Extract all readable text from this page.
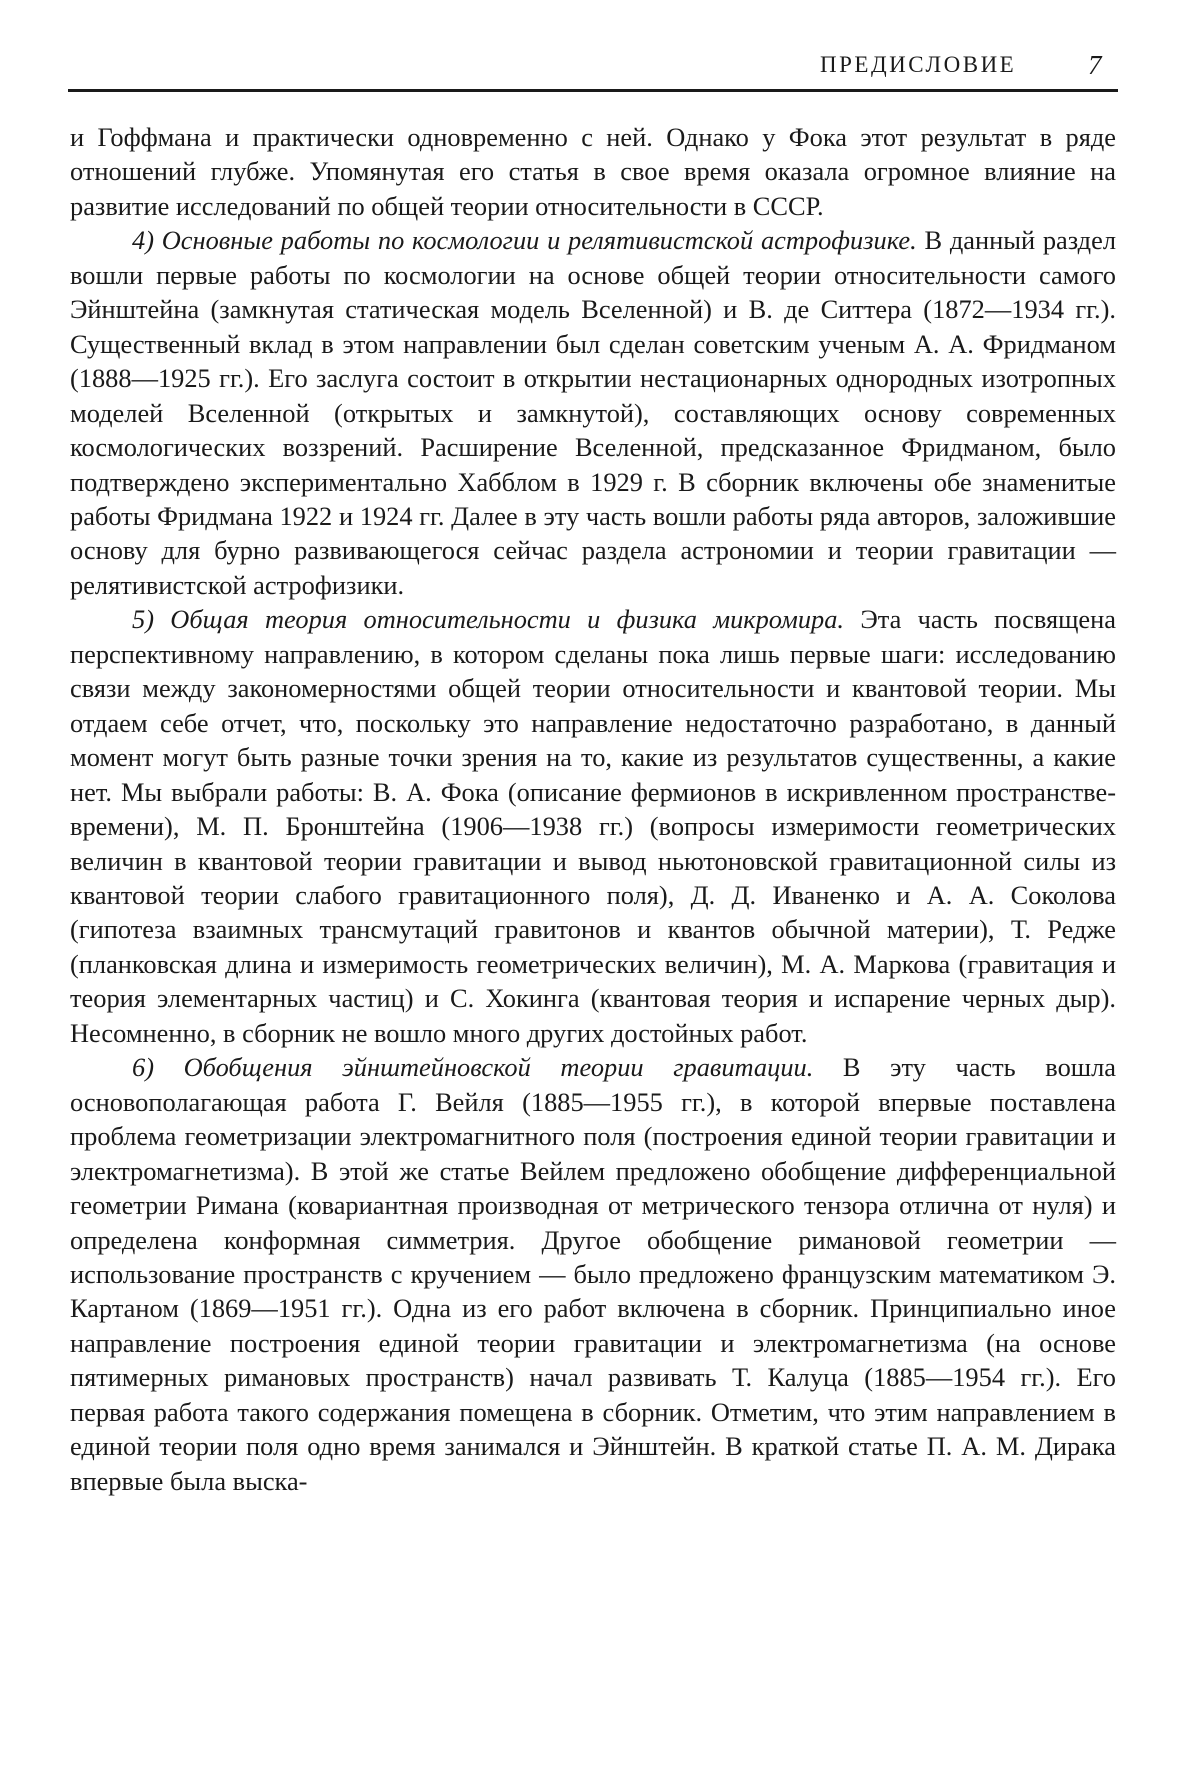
ПРЕДИСЛОВИЕ	7

и Гоффмана и практически одновременно с ней. Однако у Фока этот результат в ряде отношений глубже. Упомянутая его статья в свое время оказала огромное влияние на развитие исследований по общей теории относительности в СССР.

4) Основные работы по космологии и релятивистской астрофизике. В данный раздел вошли первые работы по космологии на основе общей теории относительности самого Эйнштейна (замкнутая статическая модель Вселенной) и В. де Ситтера (1872—1934 гг.). Существенный вклад в этом направлении был сделан советским ученым А. А. Фридманом (1888—1925 гг.). Его заслуга состоит в открытии нестационарных однородных изотропных моделей Вселенной (открытых и замкнутой), составляющих основу современных космологических воззрений. Расширение Вселенной, предсказанное Фридманом, было подтверждено экспериментально Хабблом в 1929 г. В сборник включены обе знаменитые работы Фридмана 1922 и 1924 гг. Далее в эту часть вошли работы ряда авторов, заложившие основу для бурно развивающегося сейчас раздела астрономии и теории гравитации — релятивистской астрофизики.

5) Общая теория относительности и физика микромира. Эта часть посвящена перспективному направлению, в котором сделаны пока лишь первые шаги: исследованию связи между закономерностями общей теории относительности и квантовой теории. Мы отдаем себе отчет, что, поскольку это направление недостаточно разработано, в данный момент могут быть разные точки зрения на то, какие из результатов существенны, а какие нет. Мы выбрали работы: В. А. Фока (описание фермионов в искривленном пространстве-времени), М. П. Бронштейна (1906—1938 гг.) (вопросы измеримости геометрических величин в квантовой теории гравитации и вывод ньютоновской гравитационной силы из квантовой теории слабого гравитационного поля), Д. Д. Иваненко и А. А. Соколова (гипотеза взаимных трансмутаций гравитонов и квантов обычной материи), Т. Редже (планковская длина и измеримость геометрических величин), М. А. Маркова (гравитация и теория элементарных частиц) и С. Хокинга (квантовая теория и испарение черных дыр). Несомненно, в сборник не вошло много других достойных работ.

6) Обобщения эйнштейновской теории гравитации. В эту часть вошла основополагающая работа Г. Вейля (1885—1955 гг.), в которой впервые поставлена проблема геометризации электромагнитного поля (построения единой теории гравитации и электромагнетизма). В этой же статье Вейлем предложено обобщение дифференциальной геометрии Римана (ковариантная производная от метрического тензора отлична от нуля) и определена конформная симметрия. Другое обобщение римановой геометрии — использование пространств с кручением — было предложено французским математиком Э. Картаном (1869—1951 гг.). Одна из его работ включена в сборник. Принципиально иное направление построения единой теории гравитации и электромагнетизма (на основе пятимерных римановых пространств) начал развивать Т. Калуца (1885—1954 гг.). Его первая работа такого содержания помещена в сборник. Отметим, что этим направлением в единой теории поля одно время занимался и Эйнштейн. В краткой статье П. А. М. Дирака впервые была выска-
